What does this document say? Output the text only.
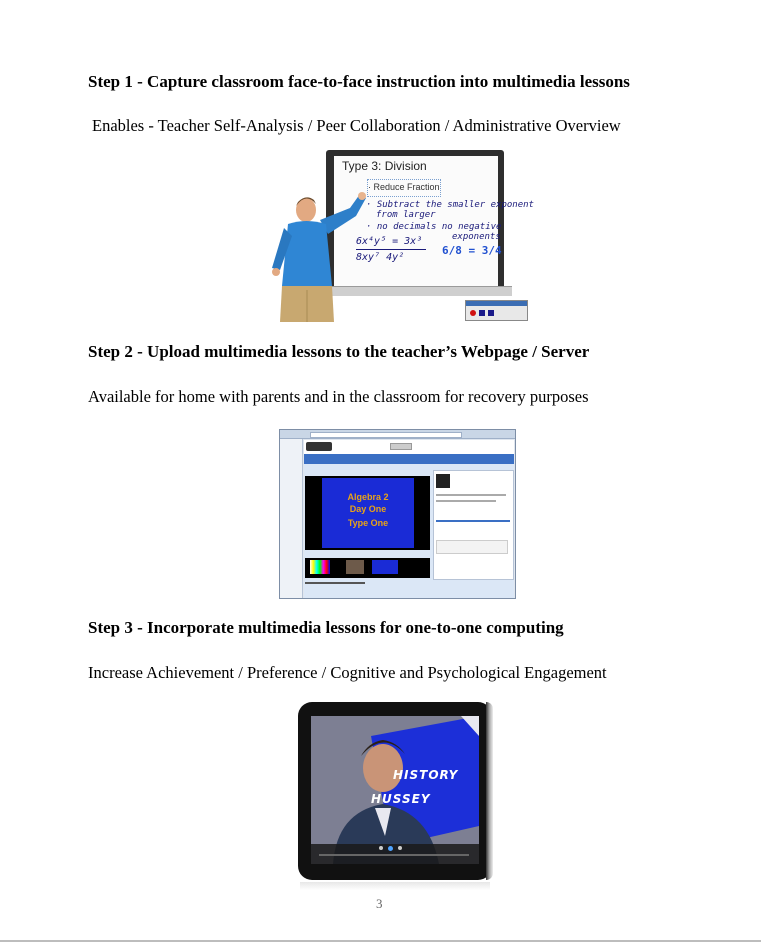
Step 1 - Capture classroom face-to-face instruction into multimedia lessons
Enables - Teacher Self-Analysis / Peer Collaboration / Administrative Overview
Type 3: Division
· Reduce Fraction
· Subtract the smaller exponent
from larger
· no decimals no negative
exponents
6x⁴y⁵ = 3x³
8xy⁷ 4y²
6/8 = 3/4
Step 2 - Upload multimedia lessons to the teacher’s Webpage / Server
Available for home with parents and in the classroom for recovery purposes
Algebra 2
Day One
Type One
Step 3 - Incorporate multimedia lessons for one-to-one computing
Increase Achievement / Preference / Cognitive and Psychological Engagement
HISTORY
HUSSEY
3
